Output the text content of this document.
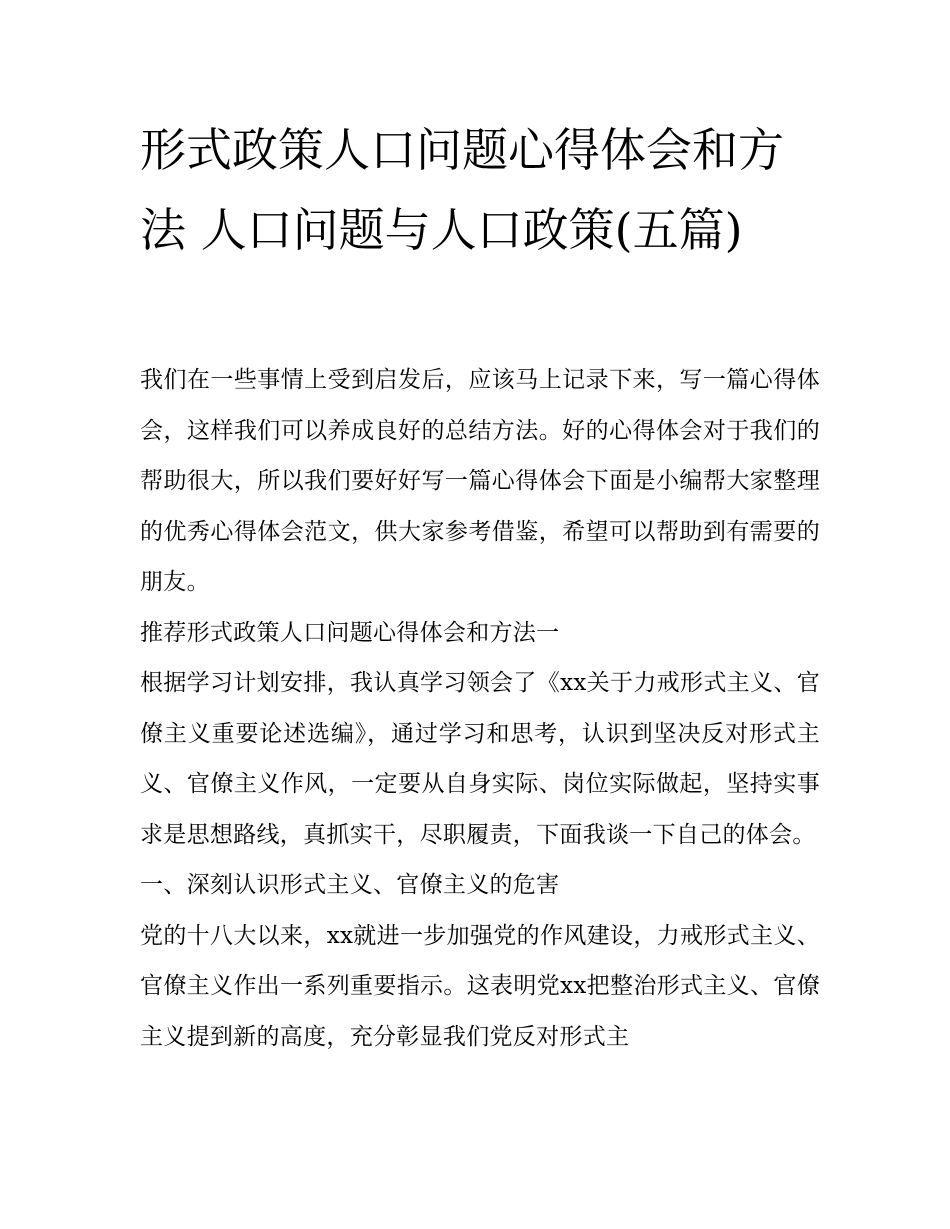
形式政策人口问题心得体会和方法 人口问题与人口政策(五篇)

我们在一些事情上受到启发后，应该马上记录下来，写一篇心得体会，这样我们可以养成良好的总结方法。好的心得体会对于我们的帮助很大，所以我们要好好写一篇心得体会下面是小编帮大家整理的优秀心得体会范文，供大家参考借鉴，希望可以帮助到有需要的朋友。

推荐形式政策人口问题心得体会和方法一

根据学习计划安排，我认真学习领会了《xx关于力戒形式主义、官僚主义重要论述选编》，通过学习和思考，认识到坚决反对形式主义、官僚主义作风，一定要从自身实际、岗位实际做起，坚持实事求是思想路线，真抓实干，尽职履责，下面我谈一下自己的体会。

一、深刻认识形式主义、官僚主义的危害

党的十八大以来，xx就进一步加强党的作风建设，力戒形式主义、官僚主义作出一系列重要指示。这表明党xx把整治形式主义、官僚主义提到新的高度，充分彰显我们党反对形式主
